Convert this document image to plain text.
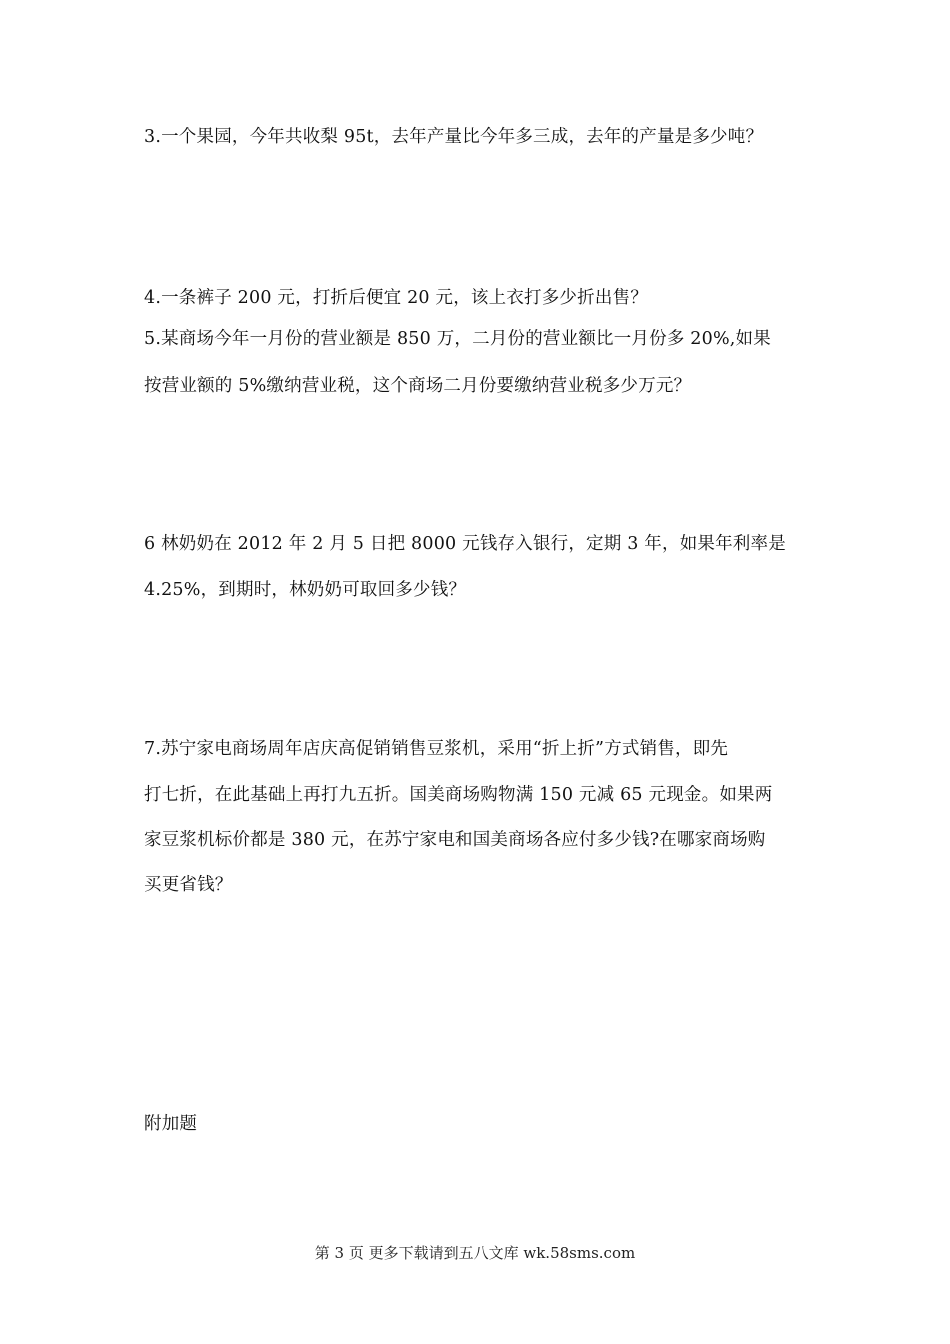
3.一个果园，今年共收梨 95t，去年产量比今年多三成，去年的产量是多少吨？
4.一条裤子 200 元，打折后便宜 20 元，该上衣打多少折出售？
5.某商场今年一月份的营业额是 850 万，二月份的营业额比一月份多 20%,如果
按营业额的 5%缴纳营业税，这个商场二月份要缴纳营业税多少万元？
6 林奶奶在 2012 年 2 月 5 日把 8000 元钱存入银行，定期 3 年，如果年利率是
4.25%，到期时，林奶奶可取回多少钱？
7.苏宁家电商场周年店庆高促销销售豆浆机，采用“折上折”方式销售，即先
打七折，在此基础上再打九五折。国美商场购物满 150 元减 65 元现金。如果两
家豆浆机标价都是 380 元，在苏宁家电和国美商场各应付多少钱?在哪家商场购
买更省钱？
附加题
第 3 页 更多下载请到五八文库 wk.58sms.com
